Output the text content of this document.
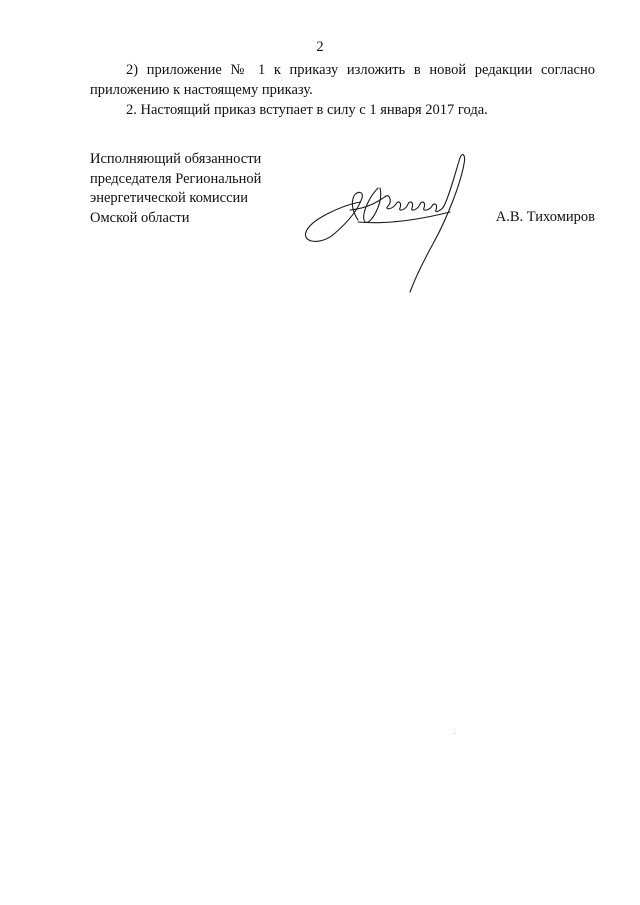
2

2) приложение № 1 к приказу изложить в новой редакции согласно приложению к настоящему приказу.

2. Настоящий приказ вступает в силу с 1 января 2017 года.

Исполняющий обязанности
председателя Региональной
энергетической комиссии
Омской области	А.В. Тихомиров
